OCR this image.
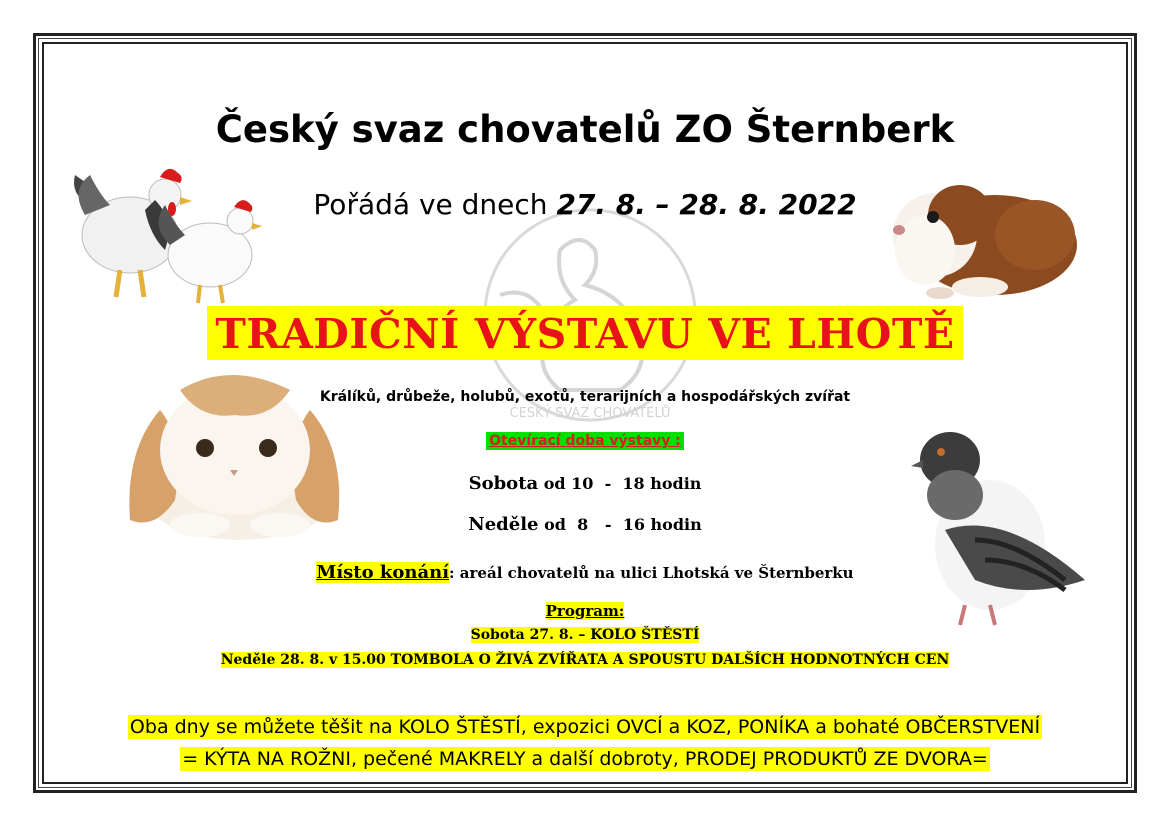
ČESKÝ SVAZ CHOVATELŮ
Český svaz chovatelů ZO Šternberk
Pořádá ve dnech 27. 8. – 28. 8. 2022
TRADIČNÍ VÝSTAVU VE LHOTĚ
Králíků, drůbeže, holubů, exotů, terarijních a hospodářských zvířat
Otevírací doba výstavy :
Sobota od 10  -  18 hodin
Neděle od  8   -  16 hodin
Místo konání: areál chovatelů na ulici Lhotská ve Šternberku
Program:
Sobota 27. 8. – KOLO ŠTĚSTÍ
Neděle 28. 8. v 15.00 TOMBOLA O ŽIVÁ ZVÍŘATA A SPOUSTU DALŠÍCH HODNOTNÝCH CEN
Oba dny se můžete těšit na KOLO ŠTĚSTÍ, expozici OVCÍ a KOZ, PONÍKA a bohaté OBČERSTVENÍ
= KÝTA NA ROŽNI, pečené MAKRELY a další dobroty, PRODEJ PRODUKTŮ ZE DVORA=
